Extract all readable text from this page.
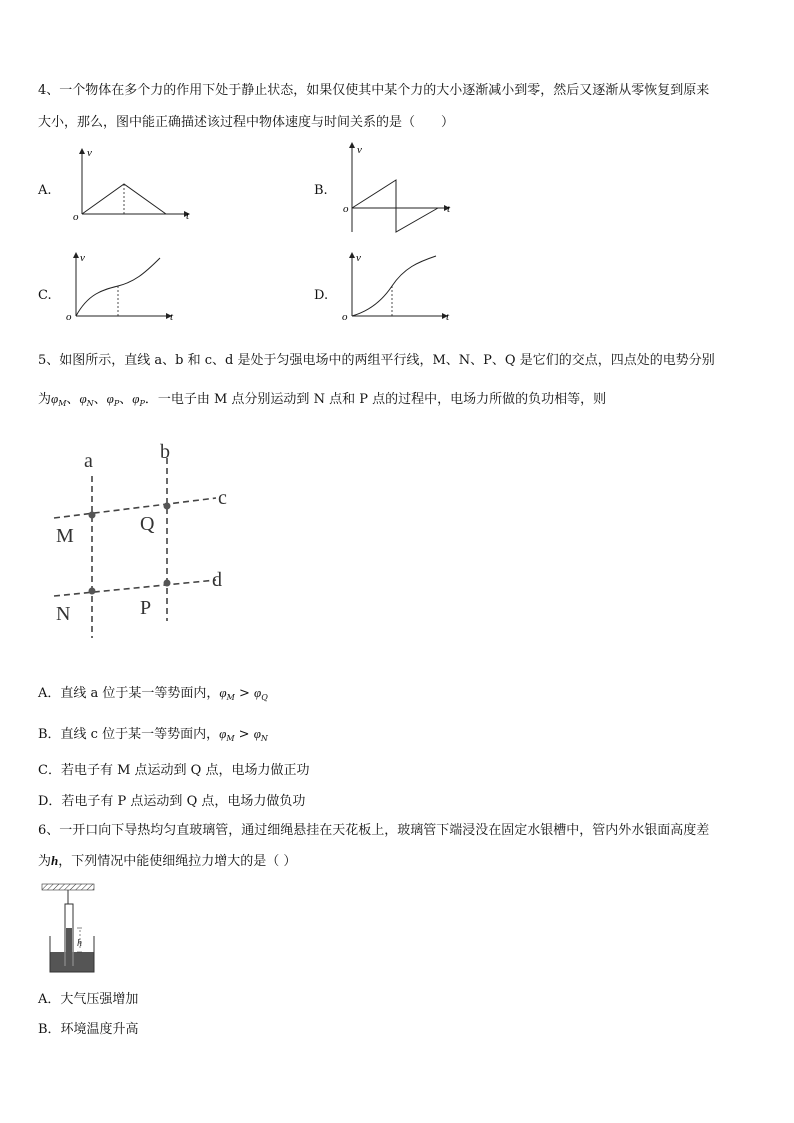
4、一个物体在多个力的作用下处于静止状态，如果仅使其中某个力的大小逐渐减小到零，然后又逐渐从零恢复到原来
大小，那么，图中能正确描述该过程中物体速度与时间关系的是（　　）
A.
v
t
o
B.
v
t
o
C.
v
t
o
D.
v
t
o
5、如图所示，直线 a、b 和 c、d 是处于匀强电场中的两组平行线，M、N、P、Q 是它们的交点，四点处的电势分别
为$\varphi_M$、$\varphi_N$、$\varphi_P$、$\varphi_P$．一电子由 M 点分别运动到 N 点和 P 点的过程中，电场力所做的负功相等，则
a	b
c
d
M
Q
N	P
A．直线 a 位于某一等势面内，$\varphi_M > \varphi_Q$
B．直线 c 位于某一等势面内，$\varphi_M > \varphi_N$
C．若电子有 M 点运动到 Q 点，电场力做正功
D．若电子有 P 点运动到 Q 点，电场力做负功
6、一开口向下导热均匀直玻璃管，通过细绳悬挂在天花板上，玻璃管下端浸没在固定水银槽中，管内外水银面高度差
为h，下列情况中能使细绳拉力增大的是（ ）
h
A．大气压强增加
B．环境温度升高
